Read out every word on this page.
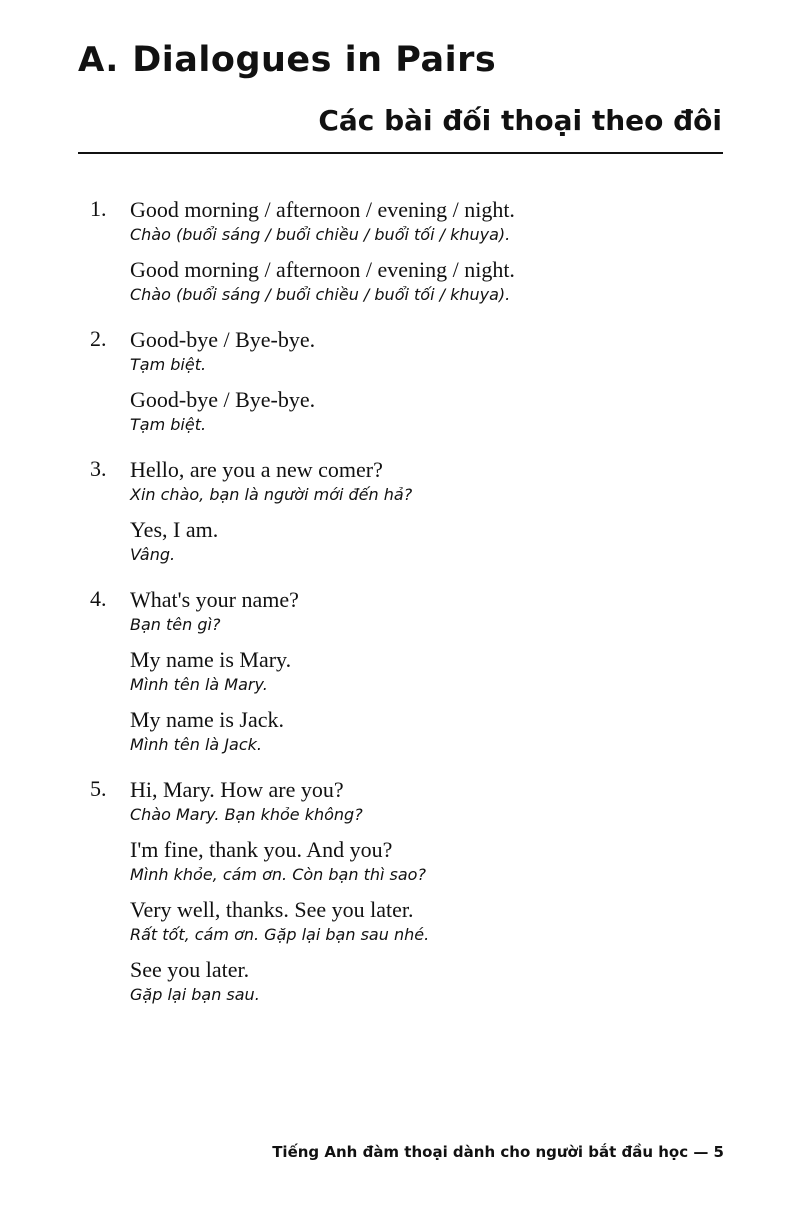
A . Dialogues in Pairs
Các bài đối thoại theo đôi
1. Good morning / afternoon / evening / night.
Chào (buổi sáng / buổi chiều / buổi tối / khuya).
Good morning / afternoon / evening / night.
Chào (buổi sáng / buổi chiều / buổi tối / khuya).
2. Good-bye / Bye-bye.
Tạm biệt.
Good-bye / Bye-bye.
Tạm biệt.
3. Hello, are you a new comer?
Xin chào, bạn là người mới đến hả?
Yes, I am.
Vâng.
4. What's your name?
Bạn tên gì?
My name is Mary.
Mình tên là Mary.
My name is Jack.
Mình tên là Jack.
5. Hi, Mary. How are you?
Chào Mary. Bạn khỏe không?
I'm fine, thank you. And you?
Mình khỏe, cám ơn. Còn bạn thì sao?
Very well, thanks. See you later.
Rất tốt, cám ơn. Gặp lại bạn sau nhé.
See you later.
Gặp lại bạn sau.
Tiếng Anh đàm thoại dành cho người bắt đầu học — 5
